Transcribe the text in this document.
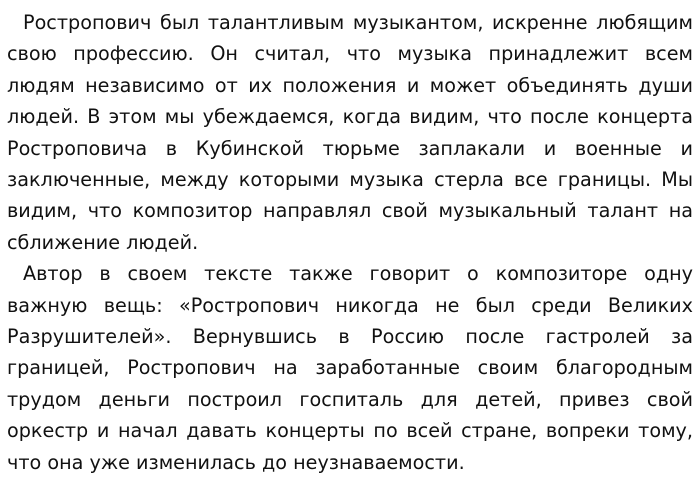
Ростропович был талантливым музыкантом, искренне любящим свою профессию. Он считал, что музыка принадлежит всем людям независимо от их положения и может объединять души людей. В этом мы убеждаемся, когда видим, что после концерта Ростроповича в Кубинской тюрьме заплакали и военные и заключенные, между которыми музыка стерла все границы. Мы видим, что композитор направлял свой музыкальный талант на сближение людей.

Автор в своем тексте также говорит о композиторе одну важную вещь: «Ростропович никогда не был среди Великих Разрушителей». Вернувшись в Россию после гастролей за границей, Ростропович на заработанные своим благородным трудом деньги построил госпиталь для детей, привез свой оркестр и начал давать концерты по всей стране, вопреки тому, что она уже изменилась до неузнаваемости.
